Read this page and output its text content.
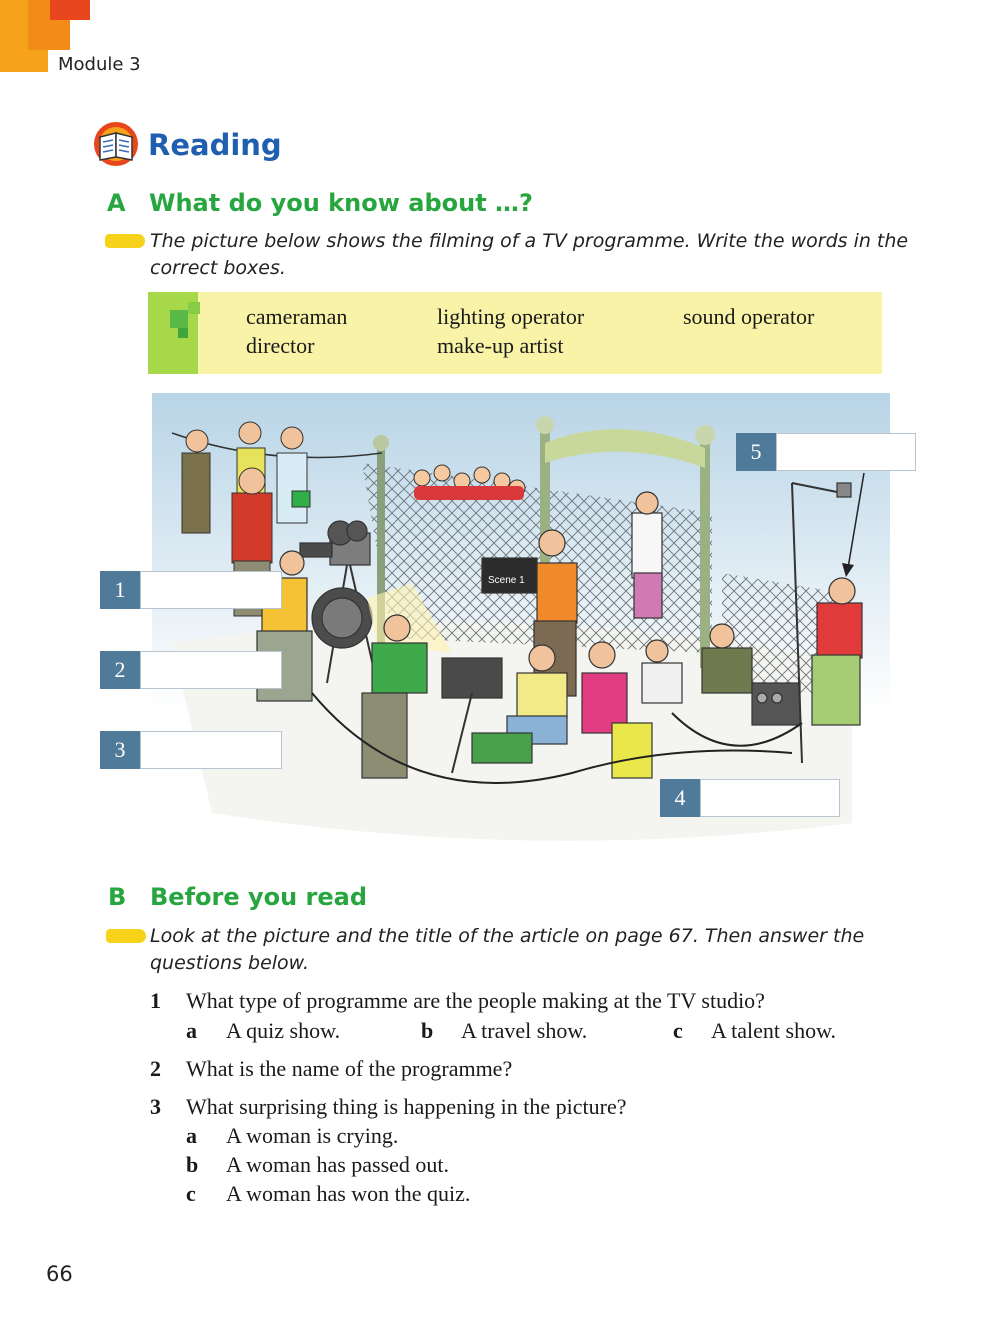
Module 3
Reading
A What do you know about …?
The picture below shows the filming of a TV programme. Write the words in the
correct boxes.
cameraman	lighting operator	sound operator
director	make-up artist
Scene 1
1
2
3
4
5
B Before you read
Look at the picture and the title of the article on page 67. Then answer the
questions below.
1 What type of programme are the people making at the TV studio?
a A quiz show.	b A travel show.	c A talent show.
2 What is the name of the programme?
3 What surprising thing is happening in the picture?
a A woman is crying.
b A woman has passed out.
c A woman has won the quiz.
66
